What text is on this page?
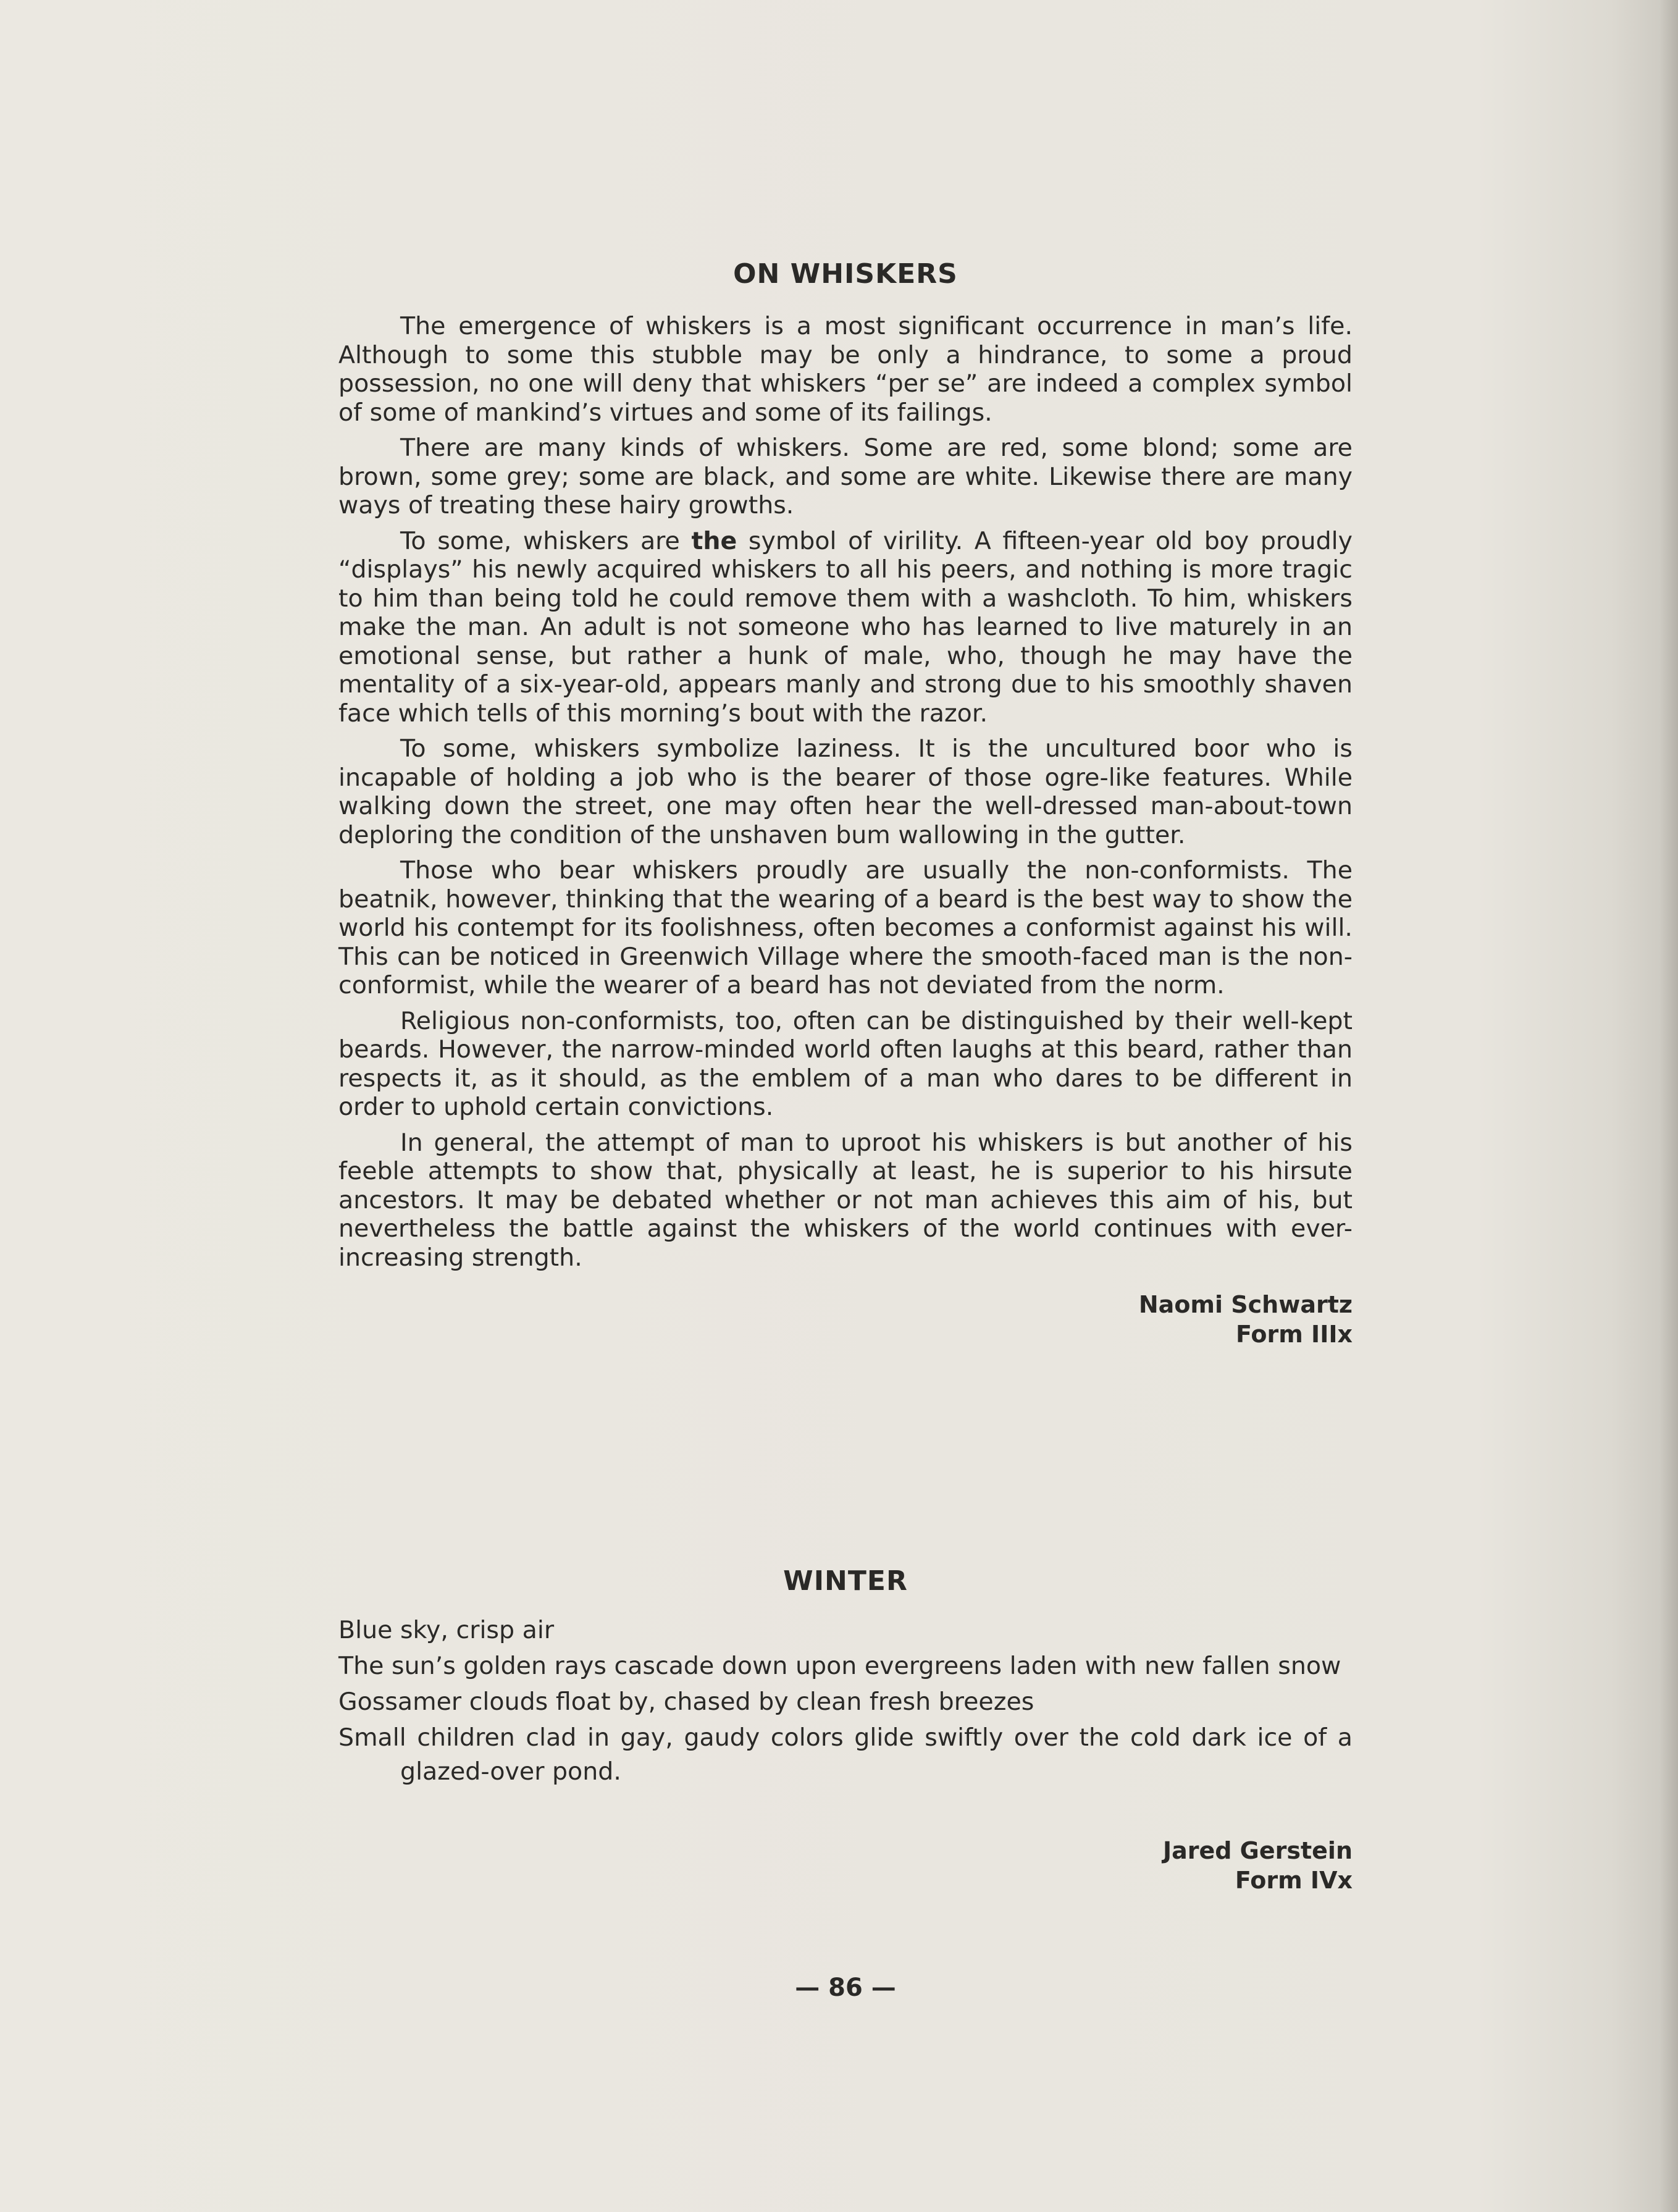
ON WHISKERS

The emergence of whiskers is a most significant occurrence in man’s life. Although to some this stubble may be only a hindrance, to some a proud possession, no one will deny that whiskers “per se” are indeed a complex symbol of some of mankind’s virtues and some of its failings.

There are many kinds of whiskers. Some are red, some blond; some are brown, some grey; some are black, and some are white. Likewise there are many ways of treating these hairy growths.

To some, whiskers are the symbol of virility. A fifteen-year old boy proudly “displays” his newly acquired whiskers to all his peers, and nothing is more tragic to him than being told he could remove them with a washcloth. To him, whiskers make the man. An adult is not someone who has learned to live maturely in an emotional sense, but rather a hunk of male, who, though he may have the mentality of a six-year-old, appears manly and strong due to his smoothly shaven face which tells of this morning’s bout with the razor.

To some, whiskers symbolize laziness. It is the uncultured boor who is incapable of holding a job who is the bearer of those ogre-like features. While walking down the street, one may often hear the well-dressed man-about-town deploring the condition of the unshaven bum wallowing in the gutter.

Those who bear whiskers proudly are usually the non-conformists. The beatnik, however, thinking that the wearing of a beard is the best way to show the world his contempt for its foolishness, often becomes a conformist against his will. This can be noticed in Greenwich Village where the smooth-faced man is the non-conformist, while the wearer of a beard has not deviated from the norm.

Religious non-conformists, too, often can be distinguished by their well-kept beards. However, the narrow-minded world often laughs at this beard, rather than respects it, as it should, as the emblem of a man who dares to be different in order to uphold certain convictions.

In general, the attempt of man to uproot his whiskers is but another of his feeble attempts to show that, physically at least, he is superior to his hirsute ancestors. It may be debated whether or not man achieves this aim of his, but nevertheless the battle against the whiskers of the world continues with ever-increasing strength.

Naomi Schwartz
Form IIIx
WINTER
Blue sky, crisp air
The sun’s golden rays cascade down upon evergreens laden with new fallen snow
Gossamer clouds float by, chased by clean fresh breezes
Small children clad in gay, gaudy colors glide swiftly over the cold dark ice of a glazed-over pond.
Jared Gerstein
Form IVx
— 86 —
